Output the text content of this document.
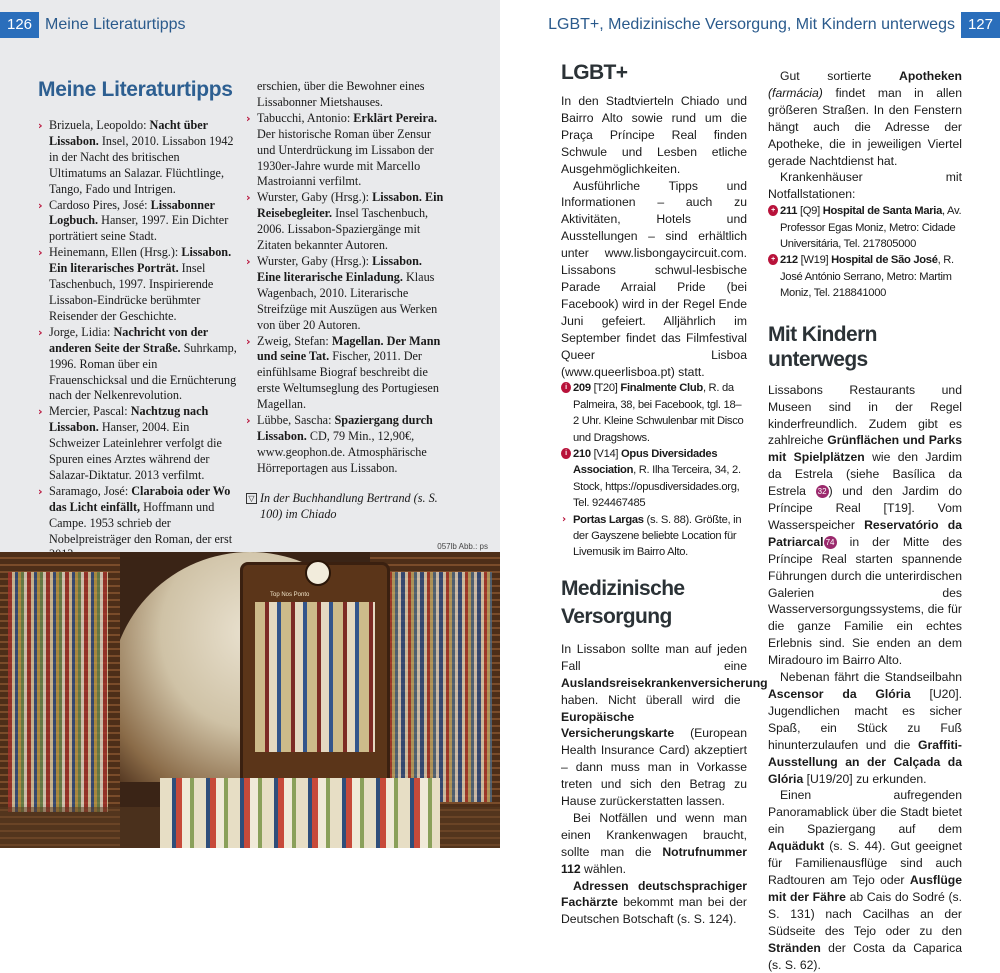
126 Meine Literaturtipps
Meine Literaturtipps

› Brizuela, Leopoldo: Nacht über Lissabon. Insel, 2010. Lissabon 1942 in der Nacht des britischen Ultimatums an Salazar. Flüchtlinge, Tango, Fado und Intrigen.

› Cardoso Pires, José: Lissabonner Logbuch. Hanser, 1997. Ein Dichter porträtiert seine Stadt.

› Heinemann, Ellen (Hrsg.): Lissabon. Ein literarisches Porträt. Insel Taschenbuch, 1997. Inspirierende Lissabon-Eindrücke berühmter Reisender der Geschichte.

› Jorge, Lidia: Nachricht von der anderen Seite der Straße. Suhrkamp, 1996. Roman über ein Frauenschicksal und die Ernüchterung nach der Nelkenrevolution.

› Mercier, Pascal: Nachtzug nach Lissabon. Hanser, 2004. Ein Schweizer Lateinlehrer verfolgt die Spuren eines Arztes während der Salazar-Diktatur. 2013 verfilmt.

› Saramago, José: Claraboia oder Wo das Licht einfällt, Hoffmann und Campe. 1953 schrieb der Nobelpreisträger den Roman, der erst

erschien, über die Bewohner eines Lissabonner Mietshauses.

› Tabucchi, Antonio: Erklärt Pereira. Der historische Roman über Zensur und Unterdrückung im Lissabon der 1930er-Jahre wurde mit Marcello Mastroianni verfilmt.

› Wurster, Gaby (Hrsg.): Lissabon. Ein Reisebegleiter. Insel Taschenbuch, 2006. Lissabon-Spaziergänge mit Zitaten bekannter Autoren.

› Wurster, Gaby (Hrsg.): Lissabon. Eine literarische Einladung. Klaus Wagenbach, 2010. Literarische Streifzüge mit Auszügen aus Werken von über 20 Autoren.

› Zweig, Stefan: Magellan. Der Mann und seine Tat. Fischer, 2011. Der einfühlsame Biograf beschreibt die erste Weltumseglung des Portugiesen Magellan.

› Lübbe, Sascha: Spaziergang durch Lissabon. CD, 79 Min., 12,90€, www.geophon.de. Atmosphärische Hörreportagen aus Lissabon.

▽ In der Buchhandlung Bertrand (s. S. 100) im Chiado

057lb Abb.: ps
Top Nos Ponto
LGBT+, Medizinische Versorgung, Mit Kindern unterwegs 127
LGBT+

In den Stadtvierteln Chiado und Bairro Alto sowie rund um die Praça Príncipe Real finden Schwule und Lesben etliche Ausgehmöglichkeiten.

Ausführliche Tipps und Informationen – auch zu Aktivitäten, Hotels und Ausstellungen – sind erhältlich unter www.lisbongaycircuit.com. Lissabons schwul-lesbische Parade Arraial Pride (bei Facebook) wird in der Regel Ende Juni gefeiert. Alljährlich im September findet das Filmfestival Queer Lisboa (www.queerlisboa.pt) statt.

i 209 [T20] Finalmente Club, R. da Palmeira, 38, bei Facebook, tgl. 18–2 Uhr. Kleine Schwulenbar mit Disco und Dragshows.

i 210 [V14] Opus Diversidades Association, R. Ilha Terceira, 34, 2. Stock, https://opusdiversidades.org, Tel. 924467485

› Portas Largas (s. S. 88). Größte, in der Gayszene beliebte Location für Livemusik im Bairro Alto.

Medizinische
Versorgung

In Lissabon sollte man auf jeden Fall eine Auslandsreisekrankenversicherung haben. Nicht überall wird die Europäische Versicherungskarte (European Health Insurance Card) akzeptiert – dann muss man in Vorkasse treten und sich den Betrag zu Hause zurückerstatten lassen.

Bei Notfällen und wenn man einen Krankenwagen braucht, sollte man die Notrufnummer 112 wählen.

Adressen deutschsprachiger Fachärzte bekommt man bei der Deutschen Botschaft (s. S. 124).

Gut sortierte Apotheken (farmácia) findet man in allen größeren Straßen. In den Fenstern hängt auch die Adresse der Apotheke, die in jeweiligen Viertel gerade Nachtdienst hat.

Krankenhäuser mit Notfallstationen:

+ 211 [Q9] Hospital de Santa Maria, Av. Professor Egas Moniz, Metro: Cidade Universitária, Tel. 217805000

+ 212 [W19] Hospital de São José, R. José António Serrano, Metro: Martim Moniz, Tel. 218841000

Mit Kindern unterwegs

Lissabons Restaurants und Museen sind in der Regel kinderfreundlich. Zudem gibt es zahlreiche Grünflächen und Parks mit Spielplätzen wie den Jardim da Estrela (siehe Basílica da Estrela 32 ) und den Jardim do Príncipe Real [T19]. Vom Wasserspeicher Reservatório da Patriarcal 74 in der Mitte des Príncipe Real starten spannende Führungen durch die unterirdischen Galerien des Wasserversorgungssystems, die für die ganze Familie ein echtes Erlebnis sind. Sie enden an dem Miradouro im Bairro Alto.

Nebenan fährt die Standseilbahn Ascensor da Glória [U20]. Jugendlichen macht es sicher Spaß, ein Stück zu Fuß hinunterzulaufen und die Graffiti-Ausstellung an der Calçada da Glória [U19/20] zu erkunden.

Einen aufregenden Panoramablick über die Stadt bietet ein Spaziergang auf dem Aquädukt (s. S. 44). Gut geeignet für Familienausflüge sind auch Radtouren am Tejo oder Ausflüge mit der Fähre ab Cais do Sodré (s. S. 131) nach Cacilhas an der Südseite des Tejo oder zu den Stränden der Costa da Caparica (s. S. 62).
